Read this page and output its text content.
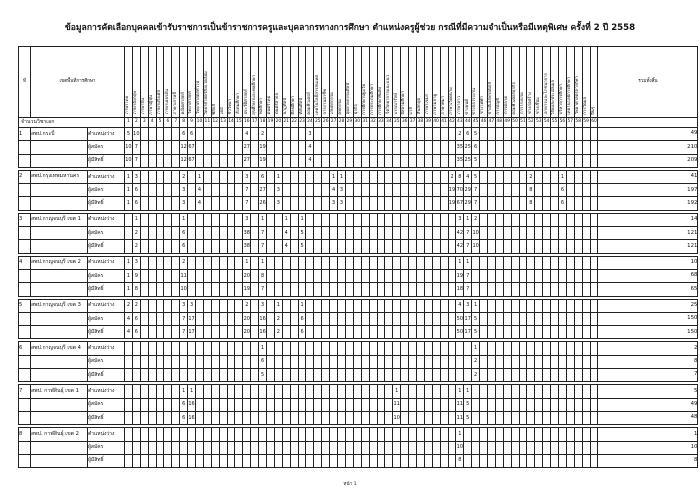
ข้อมูลการคัดเลือกบุคคลเข้ารับราชการเป็นข้าราชการครูและบุคลากรทางการศึกษา ตำแหน่งครูผู้ช่วย กรณีที่มีความจำเป็นหรือมีเหตุพิเศษ ครั้งที่ 2 ปี 2558
ที่	เขตพื้นที่การศึกษา		ภาษาไทย	ภาษาอังกฤษ	ภาษาจีน	ภาษาญี่ปุ่น	ภาษาฝรั่งเศส	ภาษาเยอรมัน	ภาษาเกาหลี	คณิตศาสตร์	วิทยาศาสตร์	วิทยาศาสตร์ทั่วไป	วิทยาศาสตร์สิ่งแวดล้อม	ฟิสิกส์	เคมี	ชีววิทยา	สังคมศึกษา	ประวัติศาสตร์	สุขศึกษาและพลศึกษา	พลศึกษา	ดนตรีไทย	ดนตรีสากล	นาฏศิลป์	ศิลปศึกษา	ทัศนศิลป์	คอมพิวเตอร์	เทคโนโลยีสารสนเทศ	การงานอาชีพ	เกษตรกรรม	คหกรรม	อุตสาหกรรมศิลป์	ธุรกิจ	การศึกษาปฐมวัย	การประถมศึกษา	การศึกษาพิเศษ	จิตวิทยาการแนะแนว	บรรณารักษ์	อิสลามศึกษา	บาลี	สันสกฤต	ภาษาเขมร	ภาษามลายู	ภาษาพม่า	ภาษาเวียดนาม	ภาษาลาว	ช่างยนต์	ช่างกลโรงงาน	ช่างไฟฟ้า	ช่างอิเล็กทรอนิกส์	การบัญชี	การตลาด	คอมพิวเตอร์ธุรกิจ	การโรงแรม	ช่างก่อสร้าง	ช่างเชื่อม	อาหารและโภชนาการ	วิจัยและประเมินผล	บริหารการศึกษา	เทคโนโลยีการศึกษา	วิทยาศาสตร์การกีฬา	การวัดผล	อื่นๆ	รวมทั้งสิ้น
จำนวนวิชาเอก			1	2	3	4	5	6	7	8	9	10	11	12	13	14	15	16	17	18	19	20	21	22	23	24	25	26	27	28	29	30	31	32	33	34	35	36	37	38	39	40	41	42	43	44	45	46	47	48	49	50	51	52	53	54	55	56	57	58	59	60	
1	สพป.กระบี่	ตำแหน่งว่าง	5	10						6	6							4		2						3																			2	6	5																49
		ผู้สมัคร	10	7						12	67							27		19						4																			35	25	6																210
		ผู้มีสิทธิ์	10	7						12	67							27		19						4																			35	25	5																209

2	สพป.กรุงเทพมหานคร	ตำแหน่งว่าง	1	3						2		1						3		6		1							1	1														2	8	4	5							2				1					41
		ผู้สมัคร	1	6						3		4						7		27		3							4	3														19	70	29	7							8				6					197
		ผู้มีสิทธิ์	1	6						3		4						7		26		3							3	3														19	67	29	7							8				6					192

3	สพป.กาญจนบุรี เขต 1	ตำแหน่งว่าง		1						1								3		1			1		1																				3	1	2																14
		ผู้สมัคร		2						6								38		7			4		5																				42	7	10																121
		ผู้มีสิทธิ์		2						6								38		7			4		5																				42	7	10																121

4	สพป.กาญจนบุรี เขต 2	ตำแหน่งว่าง	1	3						2								1		1																									1	1																	10
		ผู้สมัคร	1	9						11								20		8																									19	7																	68
		ผู้มีสิทธิ์	1	8						10								19		7																									18	7																	65

5	สพป.กาญจนบุรี เขต 3	ตำแหน่งว่าง	2	2						3	3							2		3		1			1																				4	3	1																25
		ผู้สมัคร	4	6						7	17							20		16		2			6																				50	17	5																150
		ผู้มีสิทธิ์	4	6						7	17							20		16		2			6																				50	17	5																150

6	สพป.กาญจนบุรี เขต 4	ตำแหน่งว่าง																		1																											1																2
		ผู้สมัคร																		6																											2																8
		ผู้มีสิทธิ์																		5																											2																7

7	สพป. กาฬสินธุ์ เขต 1	ตำแหน่งว่าง								1	1																										1								1	1																	5
		ผู้สมัคร								6	16																										11								11	5																	49
		ผู้มีสิทธิ์								6	16																										10								11	5																	48

8	สพป. กาฬสินธุ์ เขต 2	ตำแหน่งว่าง																																											1																		1
		ผู้สมัคร																																											10																		10
		ผู้มีสิทธิ์																																											8																		8
หน้า 1
